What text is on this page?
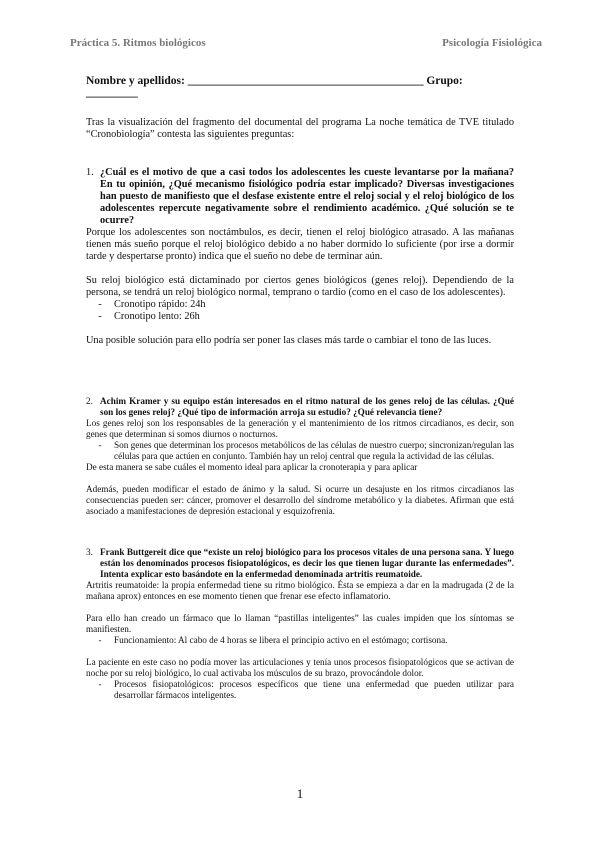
Práctica 5. Ritmos biológicos	Psicología Fisiológica
Nombre y apellidos: _________________________________________ Grupo: _________

Tras la visualización del fragmento del documental del programa La noche temática de TVE titulado “Cronobiología” contesta las siguientes preguntas:

1. ¿Cuál es el motivo de que a casi todos los adolescentes les cueste levantarse por la mañana? En tu opinión, ¿Qué mecanismo fisiológico podría estar implicado? Diversas investigaciones han puesto de manifiesto que el desfase existente entre el reloj social y el reloj biológico de los adolescentes repercute negativamente sobre el rendimiento académico. ¿Qué solución se te ocurre?

Porque los adolescentes son noctámbulos, es decir, tienen el reloj biológico atrasado. A las mañanas tienen más sueño porque el reloj biológico debido a no haber dormido lo suficiente (por irse a dormir tarde y despertarse pronto) indica que el sueño no debe de terminar aún.

Su reloj biológico está dictaminado por ciertos genes biológicos (genes reloj). Dependiendo de la persona, se tendrá un reloj biológico normal, temprano o tardío (como en el caso de los adolescentes).

-	Cronotipo rápido: 24h
-	Cronotipo lento: 26h

Una posible solución para ello podría ser poner las clases más tarde o cambiar el tono de las luces.

2. Achim Kramer y su equipo están interesados en el ritmo natural de los genes reloj de las células. ¿Qué son los genes reloj? ¿Qué tipo de información arroja su estudio? ¿Qué relevancia tiene?

Los genes reloj son los responsables de la generación y el mantenimiento de los ritmos circadianos, es decir, son genes que determinan si somos diurnos o nocturnos.

-	Son genes que determinan los procesos metabólicos de las células de nuestro cuerpo; sincronizan/regulan las células para que actúen en conjunto. También hay un reloj central que regula la actividad de las células.

De esta manera se sabe cuáles el momento ideal para aplicar la cronoterapia y para aplicar

Además, pueden modificar el estado de ánimo y la salud. Si ocurre un desajuste en los ritmos circadianos las consecuencias pueden ser: cáncer, promover el desarrollo del síndrome metabólico y la diabetes. Afirman que está asociado a manifestaciones de depresión estacional y esquizofrenia.

3. Frank Buttgereit dice que “existe un reloj biológico para los procesos vitales de una persona sana. Y luego están los denominados procesos fisiopatológicos, es decir los que tienen lugar durante las enfermedades”. Intenta explicar esto basándote en la enfermedad denominada artritis reumatoide.

Artritis reumatoide: la propia enfermedad tiene su ritmo biológico. Ésta se empieza a dar en la madrugada (2 de la mañana aprox) entonces en ese momento tienen que frenar ese efecto inflamatorio.

Para ello han creado un fármaco que lo llaman “pastillas inteligentes” las cuales impiden que los síntomas se manifiesten.

-	Funcionamiento: Al cabo de 4 horas se libera el principio activo en el estómago; cortisona.

La paciente en este caso no podía mover las articulaciones y tenía unos procesos fisiopatológicos que se activan de noche por su reloj biológico, lo cual activaba los músculos de su brazo, provocándole dolor.

-	Procesos fisiopatológicos: procesos específicos que tiene una enfermedad que pueden utilizar para desarrollar fármacos inteligentes.
1
